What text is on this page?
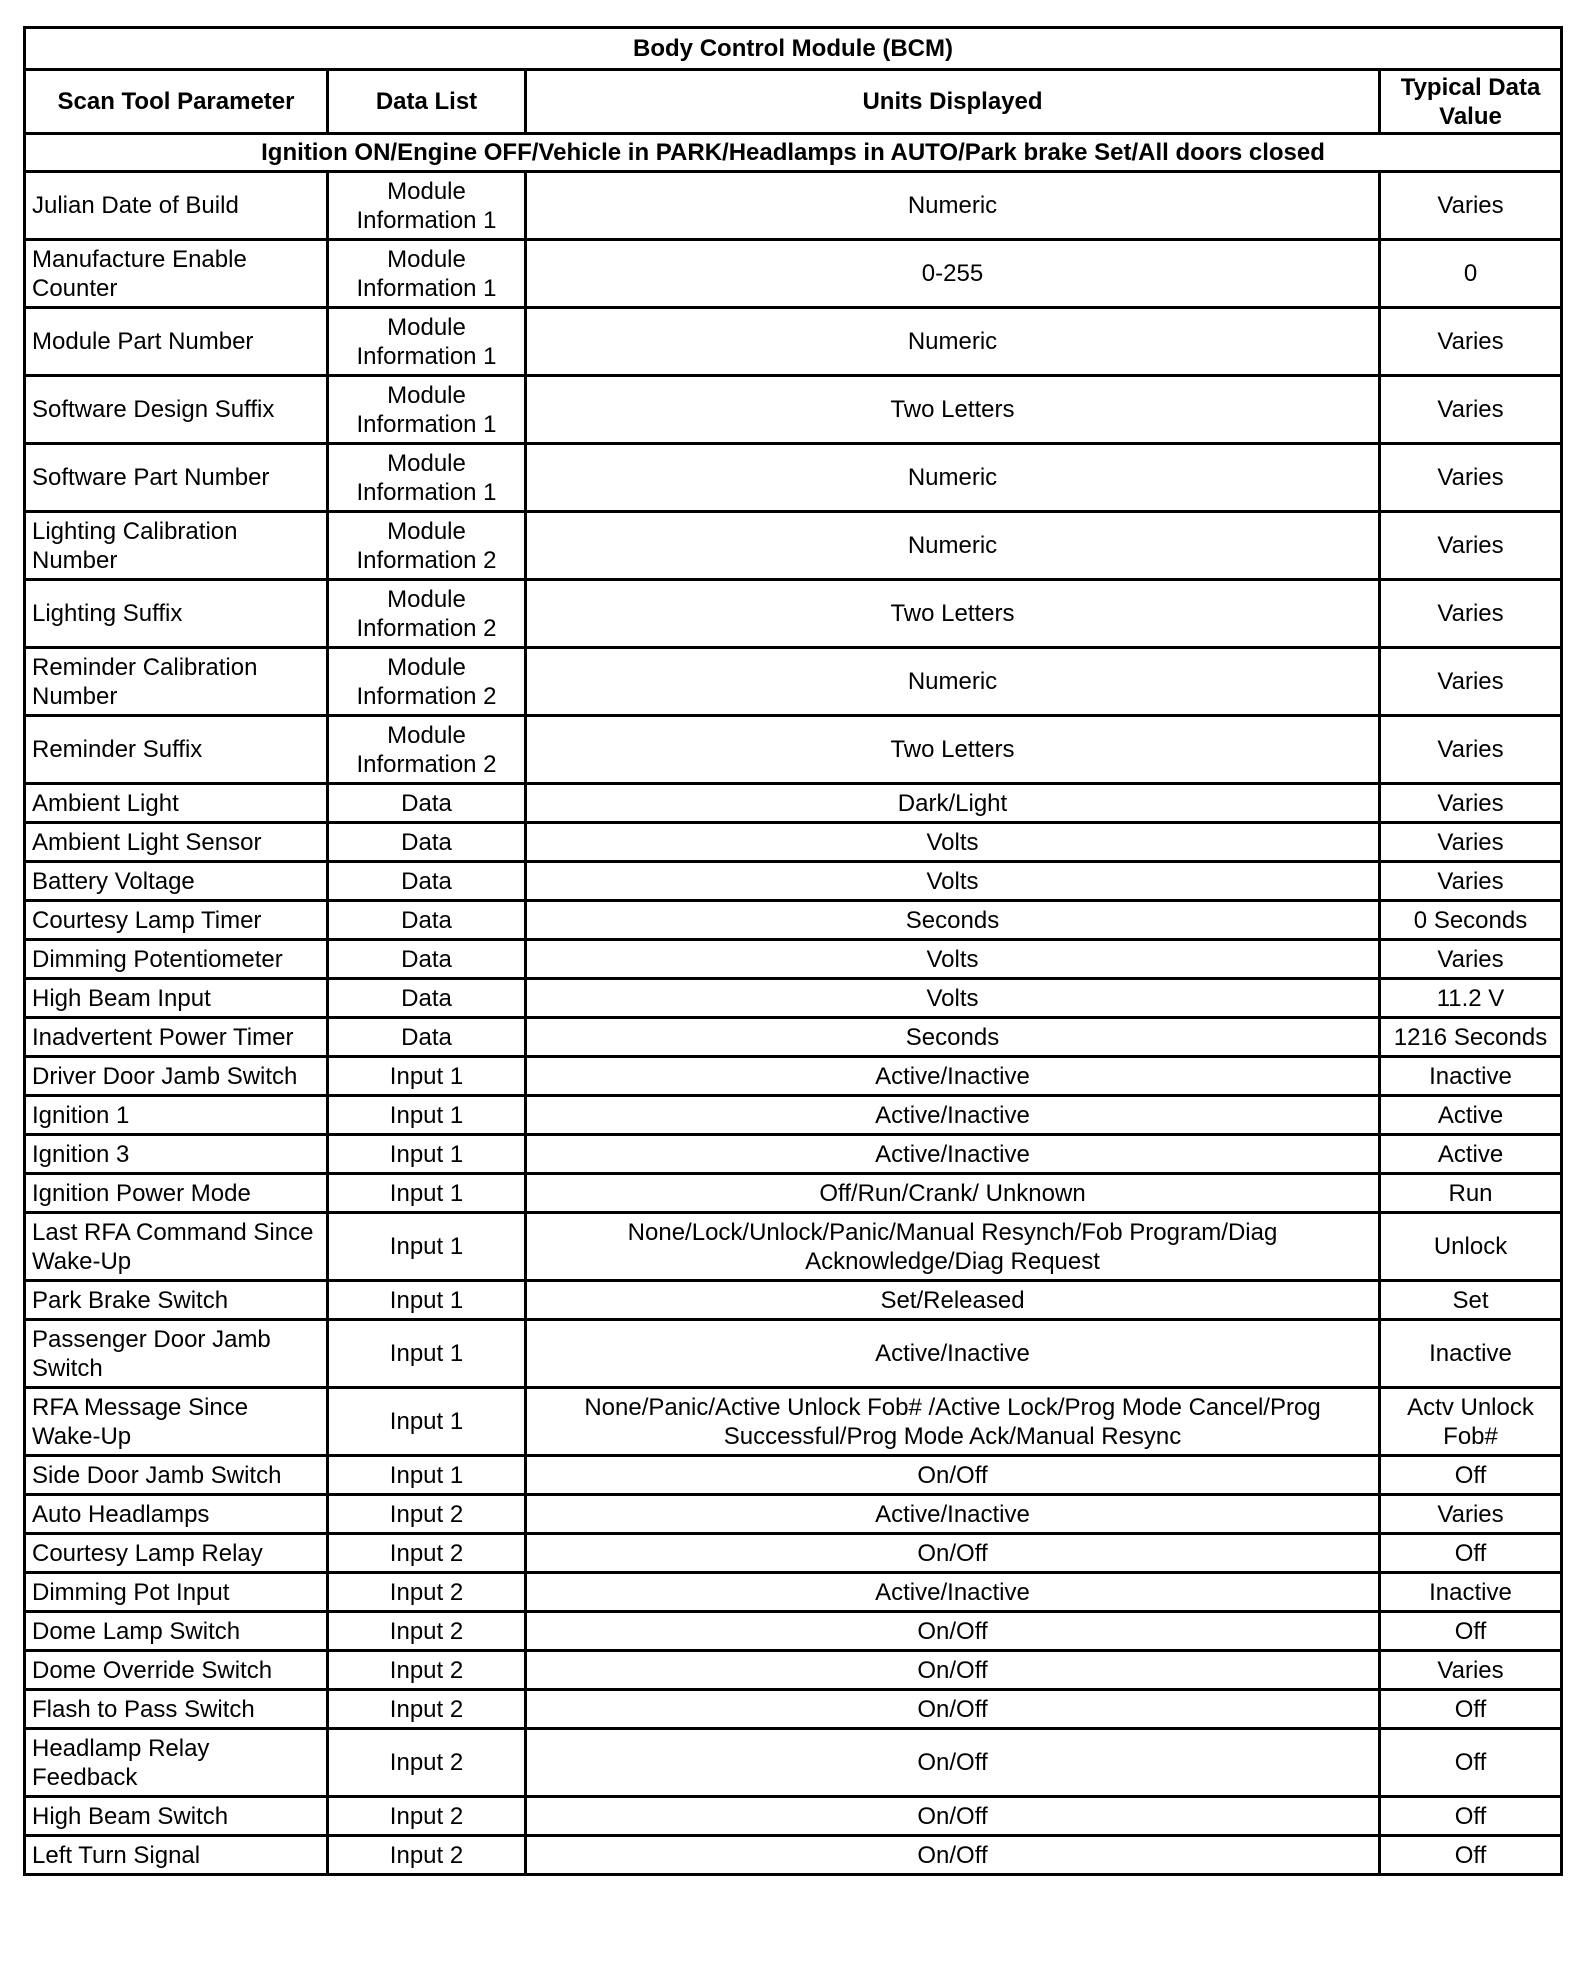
Body Control Module (BCM)			
Scan Tool Parameter	Data List	Units Displayed	Typical Data Value
Ignition ON/Engine OFF/Vehicle in PARK/Headlamps in AUTO/Park brake Set/All doors closed			
Julian Date of Build	Module Information 1	Numeric	Varies
Manufacture Enable Counter	Module Information 1	0-255	0
Module Part Number	Module Information 1	Numeric	Varies
Software Design Suffix	Module Information 1	Two Letters	Varies
Software Part Number	Module Information 1	Numeric	Varies
Lighting Calibration Number	Module Information 2	Numeric	Varies
Lighting Suffix	Module Information 2	Two Letters	Varies
Reminder Calibration Number	Module Information 2	Numeric	Varies
Reminder Suffix	Module Information 2	Two Letters	Varies
Ambient Light	Data	Dark/Light	Varies
Ambient Light Sensor	Data	Volts	Varies
Battery Voltage	Data	Volts	Varies
Courtesy Lamp Timer	Data	Seconds	0 Seconds
Dimming Potentiometer	Data	Volts	Varies
High Beam Input	Data	Volts	11.2 V
Inadvertent Power Timer	Data	Seconds	1216 Seconds
Driver Door Jamb Switch	Input 1	Active/Inactive	Inactive
Ignition 1	Input 1	Active/Inactive	Active
Ignition 3	Input 1	Active/Inactive	Active
Ignition Power Mode	Input 1	Off/Run/Crank/ Unknown	Run
Last RFA Command Since Wake-Up	Input 1	None/Lock/Unlock/Panic/Manual Resynch/Fob Program/Diag Acknowledge/Diag Request	Unlock
Park Brake Switch	Input 1	Set/Released	Set
Passenger Door Jamb Switch	Input 1	Active/Inactive	Inactive
RFA Message Since Wake-Up	Input 1	None/Panic/Active Unlock Fob# /Active Lock/Prog Mode Cancel/Prog Successful/Prog Mode Ack/Manual Resync	Actv Unlock Fob#
Side Door Jamb Switch	Input 1	On/Off	Off
Auto Headlamps	Input 2	Active/Inactive	Varies
Courtesy Lamp Relay	Input 2	On/Off	Off
Dimming Pot Input	Input 2	Active/Inactive	Inactive
Dome Lamp Switch	Input 2	On/Off	Off
Dome Override Switch	Input 2	On/Off	Varies
Flash to Pass Switch	Input 2	On/Off	Off
Headlamp Relay Feedback	Input 2	On/Off	Off
High Beam Switch	Input 2	On/Off	Off
Left Turn Signal	Input 2	On/Off	Off
